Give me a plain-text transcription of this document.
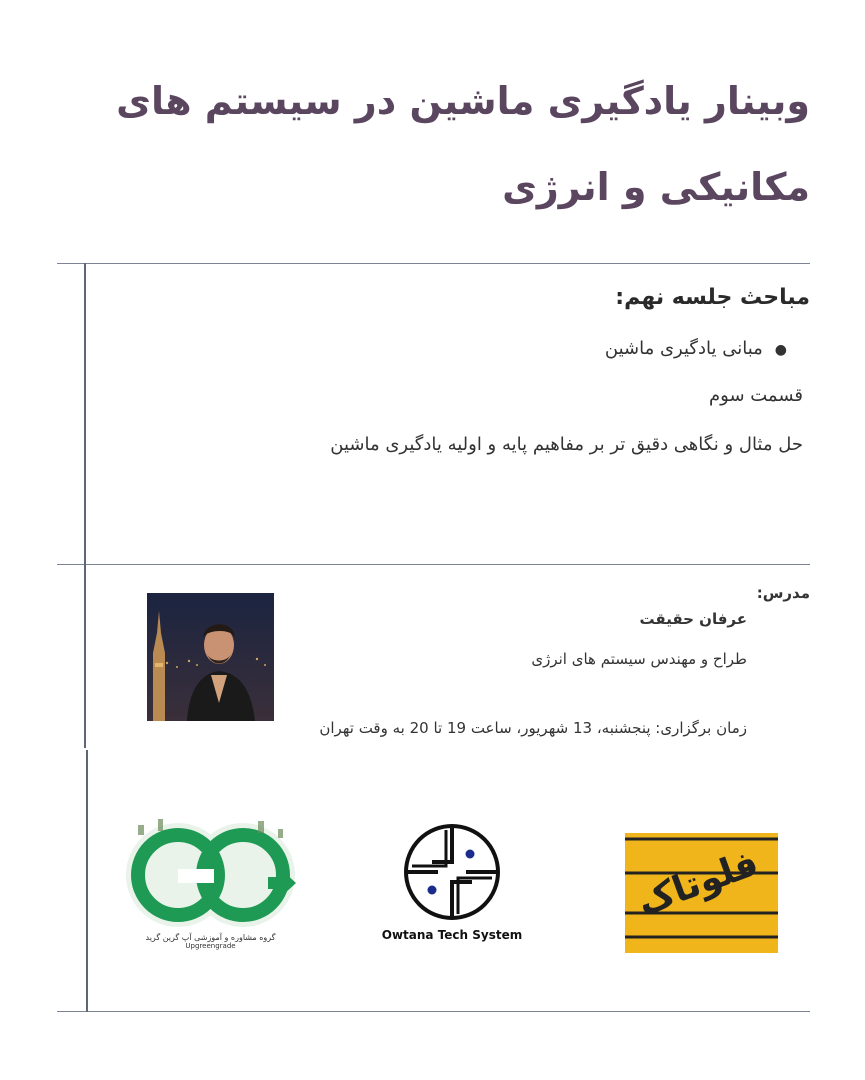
وبینار یادگیری ماشین در سیستم های مکانیکی و انرژی
مباحث جلسه نهم:
●مبانی یادگیری ماشین
قسمت سوم
حل مثال و نگاهی دقیق تر بر مفاهیم پایه و اولیه یادگیری ماشین
مدرس:
عرفان حقیقت
طراح و مهندس سیستم های انرژی
زمان برگزاری: پنجشنبه، 13 شهریور، ساعت 19 تا 20 به وقت تهران
گروه مشاوره و آموزشی آپ گرین گرید
Upgreengrade
Owtana Tech System
فلوتاک
